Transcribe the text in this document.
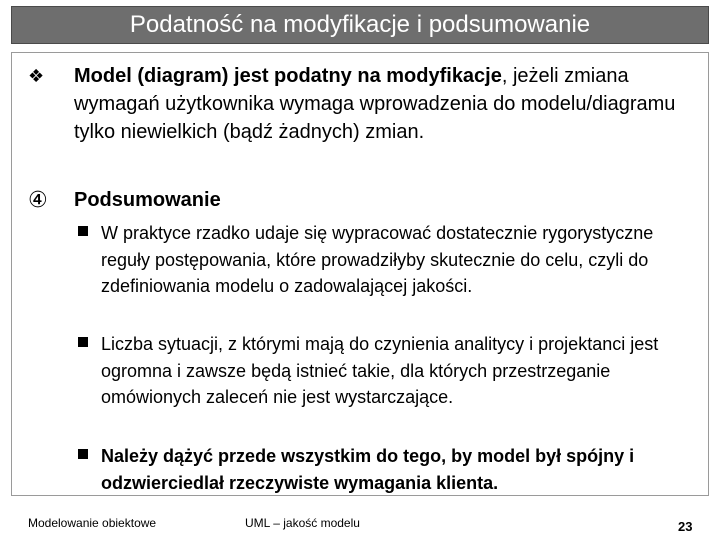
Podatność na modyfikacje i podsumowanie
❖	Model (diagram) jest podatny na modyfikacje, jeżeli zmiana wymagań użytkownika wymaga wprowadzenia do modelu/diagramu tylko niewielkich (bądź żadnych) zmian.
④	Podsumowanie
W praktyce rzadko udaje się wypracować dostatecznie rygorystyczne reguły postępowania, które prowadziłyby skutecznie do celu, czyli do zdefiniowania modelu o zadowalającej jakości.
Liczba sytuacji, z którymi mają do czynienia analitycy i projektanci jest ogromna i zawsze będą istnieć takie, dla których przestrzeganie omówionych zaleceń nie jest wystarczające.
Należy dążyć przede wszystkim do tego, by model był spójny i odzwierciedlał rzeczywiste wymagania klienta.
Modelowanie obiektowe	UML – jakość modelu	23
